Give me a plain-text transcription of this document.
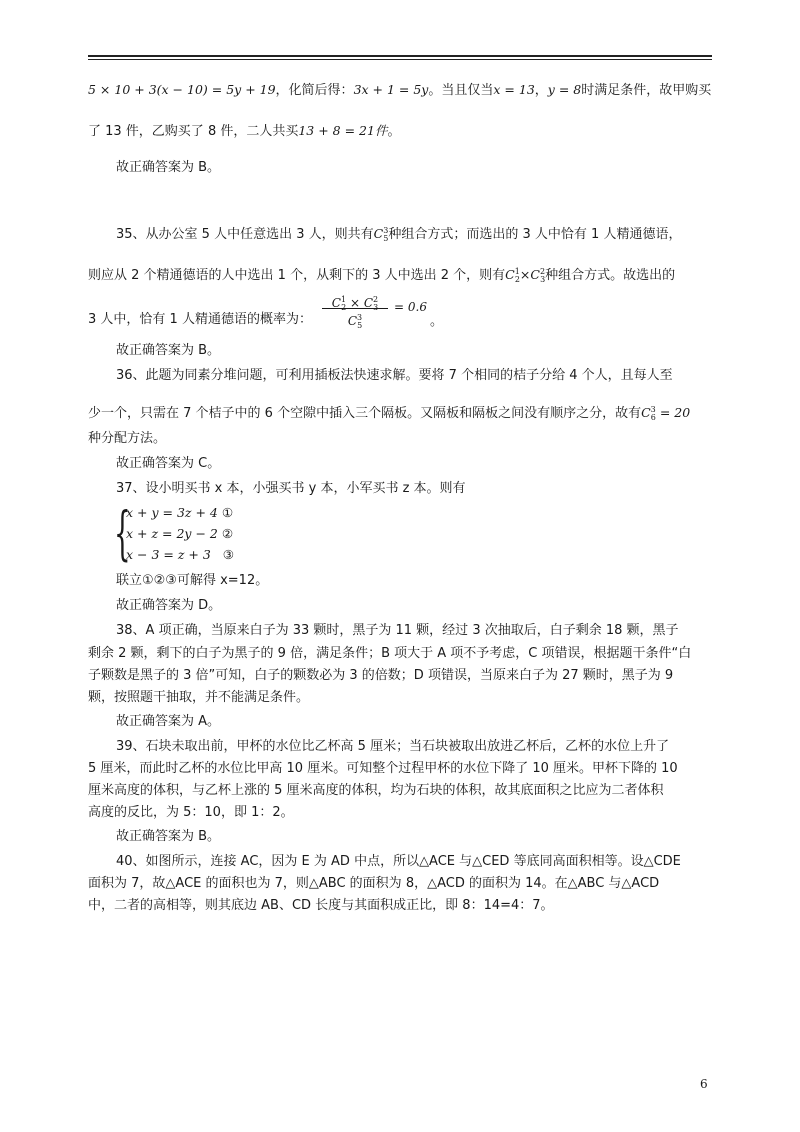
5 × 10 + 3(x − 10) = 5y + 19，化简后得：3x + 1 = 5y。当且仅当x = 13，y = 8时满足条件，故甲购买
了 13 件，乙购买了 8 件，二人共买13 + 8 = 21件。
故正确答案为 B。
35、从办公室 5 人中任意选出 3 人，则共有$C^3_5$种组合方式；而选出的 3 人中恰有 1 人精通德语，
则应从 2 个精通德语的人中选出 1 个，从剩下的 3 人中选出 2 个，则有$C^1_2\times C^2_3$种组合方式。故选出的
3 人中，恰有 1 人精通德语的概率为：
$C^1_2 \times C^2_3$
$C^3_5$
= 0.6
。
故正确答案为 B。
36、此题为同素分堆问题，可利用插板法快速求解。要将 7 个相同的桔子分给 4 个人，且每人至
少一个，只需在 7 个桔子中的 6 个空隙中插入三个隔板。又隔板和隔板之间没有顺序之分，故有$C^3_6 = 20$
种分配方法。
故正确答案为 C。
37、设小明买书 x 本，小强买书 y 本，小军买书 z 本。则有
{
x + y = 3z + 4 ①
x + z = 2y − 2 ②
x − 3 = z + 3 ③
联立①②③可解得 x=12。
故正确答案为 D。
38、A 项正确，当原来白子为 33 颗时，黑子为 11 颗，经过 3 次抽取后，白子剩余 18 颗，黑子
剩余 2 颗，剩下的白子为黑子的 9 倍，满足条件；B 项大于 A 项不予考虑，C 项错误，根据题干条件“白
子颗数是黑子的 3 倍”可知，白子的颗数必为 3 的倍数；D 项错误，当原来白子为 27 颗时，黑子为 9
颗，按照题干抽取，并不能满足条件。
故正确答案为 A。
39、石块未取出前，甲杯的水位比乙杯高 5 厘米；当石块被取出放进乙杯后，乙杯的水位上升了
5 厘米，而此时乙杯的水位比甲高 10 厘米。可知整个过程甲杯的水位下降了 10 厘米。甲杯下降的 10
厘米高度的体积，与乙杯上涨的 5 厘米高度的体积，均为石块的体积，故其底面积之比应为二者体积
高度的反比，为 5：10，即 1：2。
故正确答案为 B。
40、如图所示，连接 AC，因为 E 为 AD 中点，所以△ACE 与△CED 等底同高面积相等。设△CDE
面积为 7，故△ACE 的面积也为 7，则△ABC 的面积为 8，△ACD 的面积为 14。在△ABC 与△ACD
中，二者的高相等，则其底边 AB、CD 长度与其面积成正比，即 8：14=4：7。
6
